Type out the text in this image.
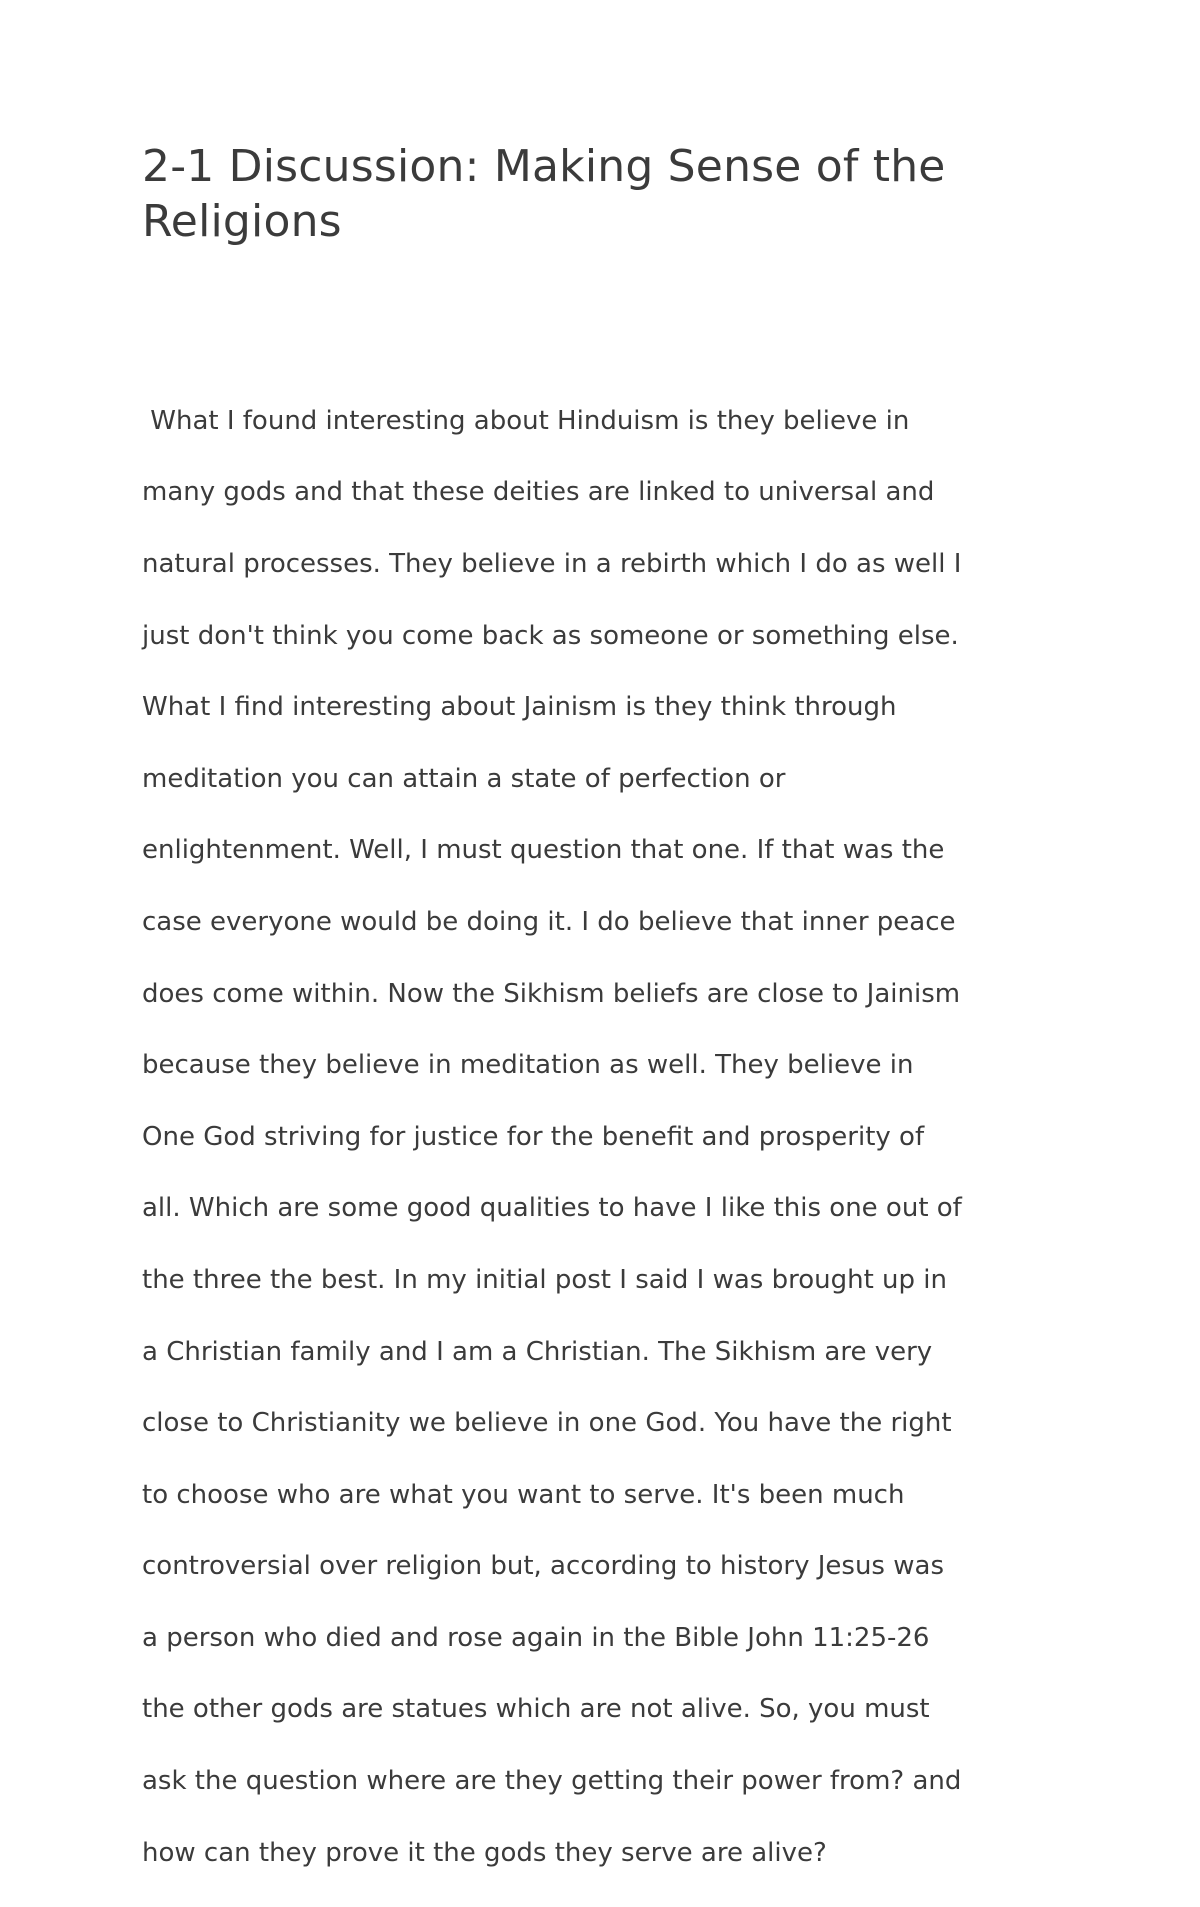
2-1 Discussion: Making Sense of the Religions

What I found interesting about Hinduism is they believe in

many gods and that these deities are linked to universal and

natural processes. They believe in a rebirth which I do as well I

just don't think you come back as someone or something else.

What I find interesting about Jainism is they think through

meditation you can attain a state of perfection or

enlightenment. Well, I must question that one. If that was the

case everyone would be doing it. I do believe that inner peace

does come within. Now the Sikhism beliefs are close to Jainism

because they believe in meditation as well. They believe in

One God striving for justice for the benefit and prosperity of

all. Which are some good qualities to have I like this one out of

the three the best. In my initial post I said I was brought up in

a Christian family and I am a Christian. The Sikhism are very

close to Christianity we believe in one God. You have the right

to choose who are what you want to serve. It's been much

controversial over religion but, according to history Jesus was

a person who died and rose again in the Bible John 11:25-26

the other gods are statues which are not alive. So, you must

ask the question where are they getting their power from? and

how can they prove it the gods they serve are alive?
